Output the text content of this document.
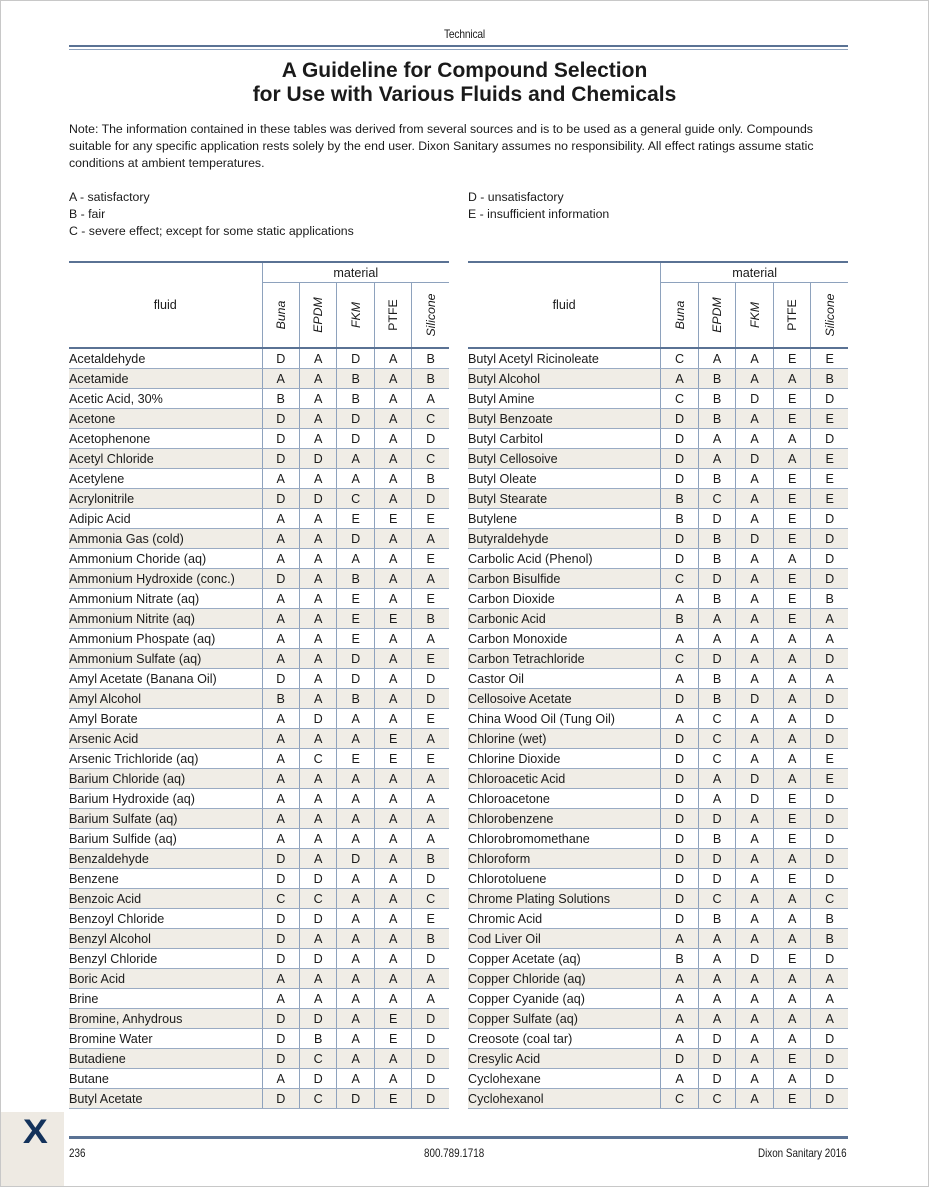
Technical
A Guideline for Compound Selection
for Use with Various Fluids and Chemicals
Note: The information contained in these tables was derived from several sources and is to be used as a general guide only. Compounds suitable for any specific application rests solely by the end user. Dixon Sanitary assumes no responsibility. All effect ratings assume static conditions at ambient temperatures.
A - satisfactory
B - fair
C - severe effect; except for some static applications
D - unsatisfactory
E - insufficient information
fluid	material				

	Buna	EPDM	FKM	PTFE	Silicone

Acetaldehyde	D	A	D	A	B
Acetamide	A	A	B	A	B
Acetic Acid, 30%	B	A	B	A	A
Acetone	D	A	D	A	C
Acetophenone	D	A	D	A	D
Acetyl Chloride	D	D	A	A	C
Acetylene	A	A	A	A	B
Acrylonitrile	D	D	C	A	D
Adipic Acid	A	A	E	E	E
Ammonia Gas (cold)	A	A	D	A	A
Ammonium Choride (aq)	A	A	A	A	E
Ammonium Hydroxide (conc.)	D	A	B	A	A
Ammonium Nitrate (aq)	A	A	E	A	E
Ammonium Nitrite (aq)	A	A	E	E	B
Ammonium Phospate (aq)	A	A	E	A	A
Ammonium Sulfate (aq)	A	A	D	A	E
Amyl Acetate (Banana Oil)	D	A	D	A	D
Amyl Alcohol	B	A	B	A	D
Amyl Borate	A	D	A	A	E
Arsenic Acid	A	A	A	E	A
Arsenic Trichloride (aq)	A	C	E	E	E
Barium Chloride (aq)	A	A	A	A	A
Barium Hydroxide (aq)	A	A	A	A	A
Barium Sulfate (aq)	A	A	A	A	A
Barium Sulfide (aq)	A	A	A	A	A
Benzaldehyde	D	A	D	A	B
Benzene	D	D	A	A	D
Benzoic Acid	C	C	A	A	C
Benzoyl Chloride	D	D	A	A	E
Benzyl Alcohol	D	A	A	A	B
Benzyl Chloride	D	D	A	A	D
Boric Acid	A	A	A	A	A
Brine	A	A	A	A	A
Bromine, Anhydrous	D	D	A	E	D
Bromine Water	D	B	A	E	D
Butadiene	D	C	A	A	D
Butane	A	D	A	A	D
Butyl Acetate	D	C	D	E	D
fluid	material				

	Buna	EPDM	FKM	PTFE	Silicone

Butyl Acetyl Ricinoleate	C	A	A	E	E
Butyl Alcohol	A	B	A	A	B
Butyl Amine	C	B	D	E	D
Butyl Benzoate	D	B	A	E	E
Butyl Carbitol	D	A	A	A	D
Butyl Cellosoive	D	A	D	A	E
Butyl Oleate	D	B	A	E	E
Butyl Stearate	B	C	A	E	E
Butylene	B	D	A	E	D
Butyraldehyde	D	B	D	E	D
Carbolic Acid (Phenol)	D	B	A	A	D
Carbon Bisulfide	C	D	A	E	D
Carbon Dioxide	A	B	A	E	B
Carbonic Acid	B	A	A	E	A
Carbon Monoxide	A	A	A	A	A
Carbon Tetrachloride	C	D	A	A	D
Castor Oil	A	B	A	A	A
Cellosoive Acetate	D	B	D	A	D
China Wood Oil (Tung Oil)	A	C	A	A	D
Chlorine (wet)	D	C	A	A	D
Chlorine Dioxide	D	C	A	A	E
Chloroacetic Acid	D	A	D	A	E
Chloroacetone	D	A	D	E	D
Chlorobenzene	D	D	A	E	D
Chlorobromomethane	D	B	A	E	D
Chloroform	D	D	A	A	D
Chlorotoluene	D	D	A	E	D
Chrome Plating Solutions	D	C	A	A	C
Chromic Acid	D	B	A	A	B
Cod Liver Oil	A	A	A	A	B
Copper Acetate (aq)	B	A	D	E	D
Copper Chloride (aq)	A	A	A	A	A
Copper Cyanide (aq)	A	A	A	A	A
Copper Sulfate (aq)	A	A	A	A	A
Creosote (coal tar)	A	D	A	A	D
Cresylic Acid	D	D	A	E	D
Cyclohexane	A	D	A	A	D
Cyclohexanol	C	C	A	E	D
X
236	800.789.1718	Dixon Sanitary 2016
